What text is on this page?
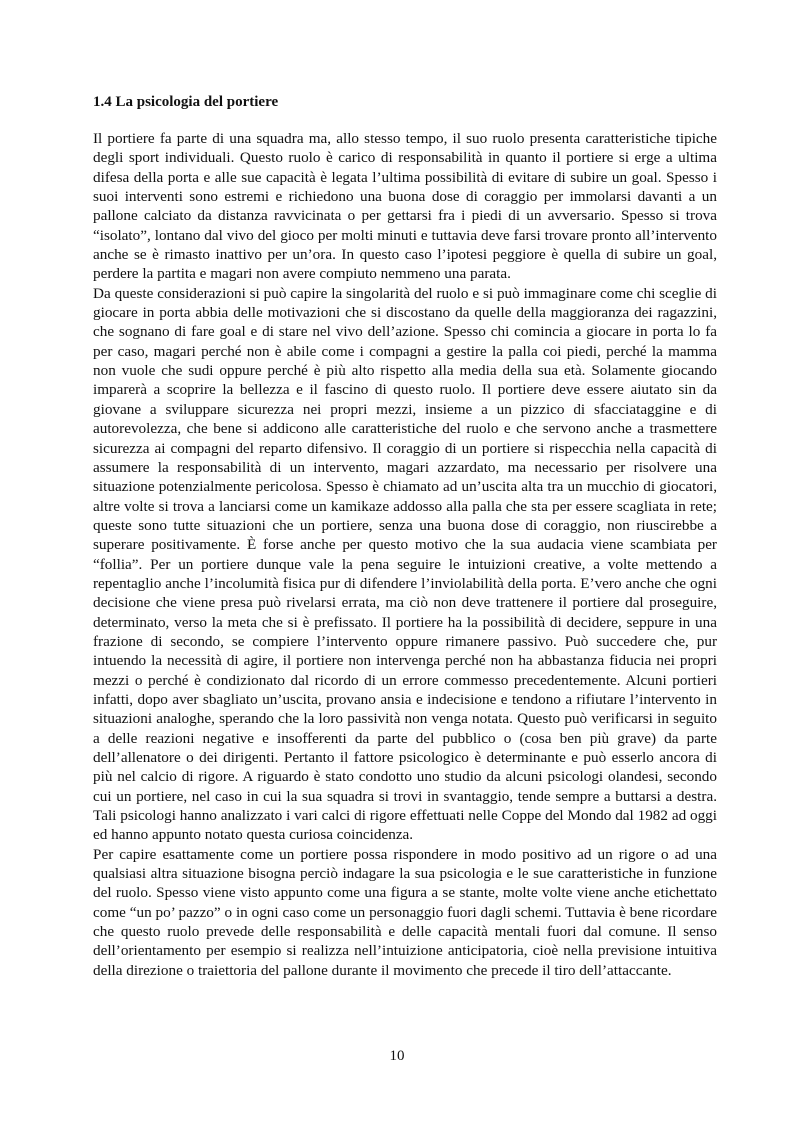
1.4 La psicologia del portiere

Il portiere fa parte di una squadra ma, allo stesso tempo, il suo ruolo presenta caratteristiche tipiche degli sport individuali. Questo ruolo è carico di responsabilità in quanto il portiere si erge a ultima difesa della porta e alle sue capacità è legata l’ultima possibilità di evitare di subire un goal. Spesso i suoi interventi sono estremi e richiedono una buona dose di coraggio per immolarsi davanti a un pallone calciato da distanza ravvicinata o per gettarsi fra i piedi di un avversario. Spesso si trova “isolato”, lontano dal vivo del gioco per molti minuti e tuttavia deve farsi trovare pronto all’intervento anche se è rimasto inattivo per un’ora. In questo caso l’ipotesi peggiore è quella di subire un goal, perdere la partita e magari non avere compiuto nemmeno una parata.

Da queste considerazioni si può capire la singolarità del ruolo e si può immaginare come chi sceglie di giocare in porta abbia delle motivazioni che si discostano da quelle della maggioranza dei ragazzini, che sognano di fare goal e di stare nel vivo dell’azione. Spesso chi comincia a giocare in porta lo fa per caso, magari perché non è abile come i compagni a gestire la palla coi piedi, perché la mamma non vuole che sudi oppure perché è più alto rispetto alla media della sua età. Solamente giocando imparerà a scoprire la bellezza e il fascino di questo ruolo. Il portiere deve essere aiutato sin da giovane a sviluppare sicurezza nei propri mezzi, insieme a un pizzico di sfacciataggine e di autorevolezza, che bene si addicono alle caratteristiche del ruolo e che servono anche a trasmettere sicurezza ai compagni del reparto difensivo. Il coraggio di un portiere si rispecchia nella capacità di assumere la responsabilità di un intervento, magari azzardato, ma necessario per risolvere una situazione potenzialmente pericolosa. Spesso è chiamato ad un’uscita alta tra un mucchio di giocatori, altre volte si trova a lanciarsi come un kamikaze addosso alla palla che sta per essere scagliata in rete; queste sono tutte situazioni che un portiere, senza una buona dose di coraggio, non riuscirebbe a superare positivamente. È forse anche per questo motivo che la sua audacia viene scambiata per “follia”. Per un portiere dunque vale la pena seguire le intuizioni creative, a volte mettendo a repentaglio anche l’incolumità fisica pur di difendere l’inviolabilità della porta. E’vero anche che ogni decisione che viene presa può rivelarsi errata, ma ciò non deve trattenere il portiere dal proseguire, determinato, verso la meta che si è prefissato. Il portiere ha la possibilità di decidere, seppure in una frazione di secondo, se compiere l’intervento oppure rimanere passivo. Può succedere che, pur intuendo la necessità di agire, il portiere non intervenga perché non ha abbastanza fiducia nei propri mezzi o perché è condizionato dal ricordo di un errore commesso precedentemente. Alcuni portieri infatti, dopo aver sbagliato un’uscita, provano ansia e indecisione e tendono a rifiutare l’intervento in situazioni analoghe, sperando che la loro passività non venga notata. Questo può verificarsi in seguito a delle reazioni negative e insofferenti da parte del pubblico o (cosa ben più grave) da parte dell’allenatore o dei dirigenti. Pertanto il fattore psicologico è determinante e può esserlo ancora di più nel calcio di rigore. A riguardo è stato condotto uno studio da alcuni psicologi olandesi, secondo cui un portiere, nel caso in cui la sua squadra si trovi in svantaggio, tende sempre a buttarsi a destra. Tali psicologi hanno analizzato i vari calci di rigore effettuati nelle Coppe del Mondo dal 1982 ad oggi ed hanno appunto notato questa curiosa coincidenza.

Per capire esattamente come un portiere possa rispondere in modo positivo ad un rigore o ad una qualsiasi altra situazione bisogna perciò indagare la sua psicologia e le sue caratteristiche in funzione del ruolo. Spesso viene visto appunto come una figura a se stante, molte volte viene anche etichettato come “un po’ pazzo” o in ogni caso come un personaggio fuori dagli schemi. Tuttavia è bene ricordare che questo ruolo prevede delle responsabilità e delle capacità mentali fuori dal comune. Il senso dell’orientamento per esempio si realizza nell’intuizione anticipatoria, cioè nella previsione intuitiva della direzione o traiettoria del pallone durante il movimento che precede il tiro dell’attaccante.

10
